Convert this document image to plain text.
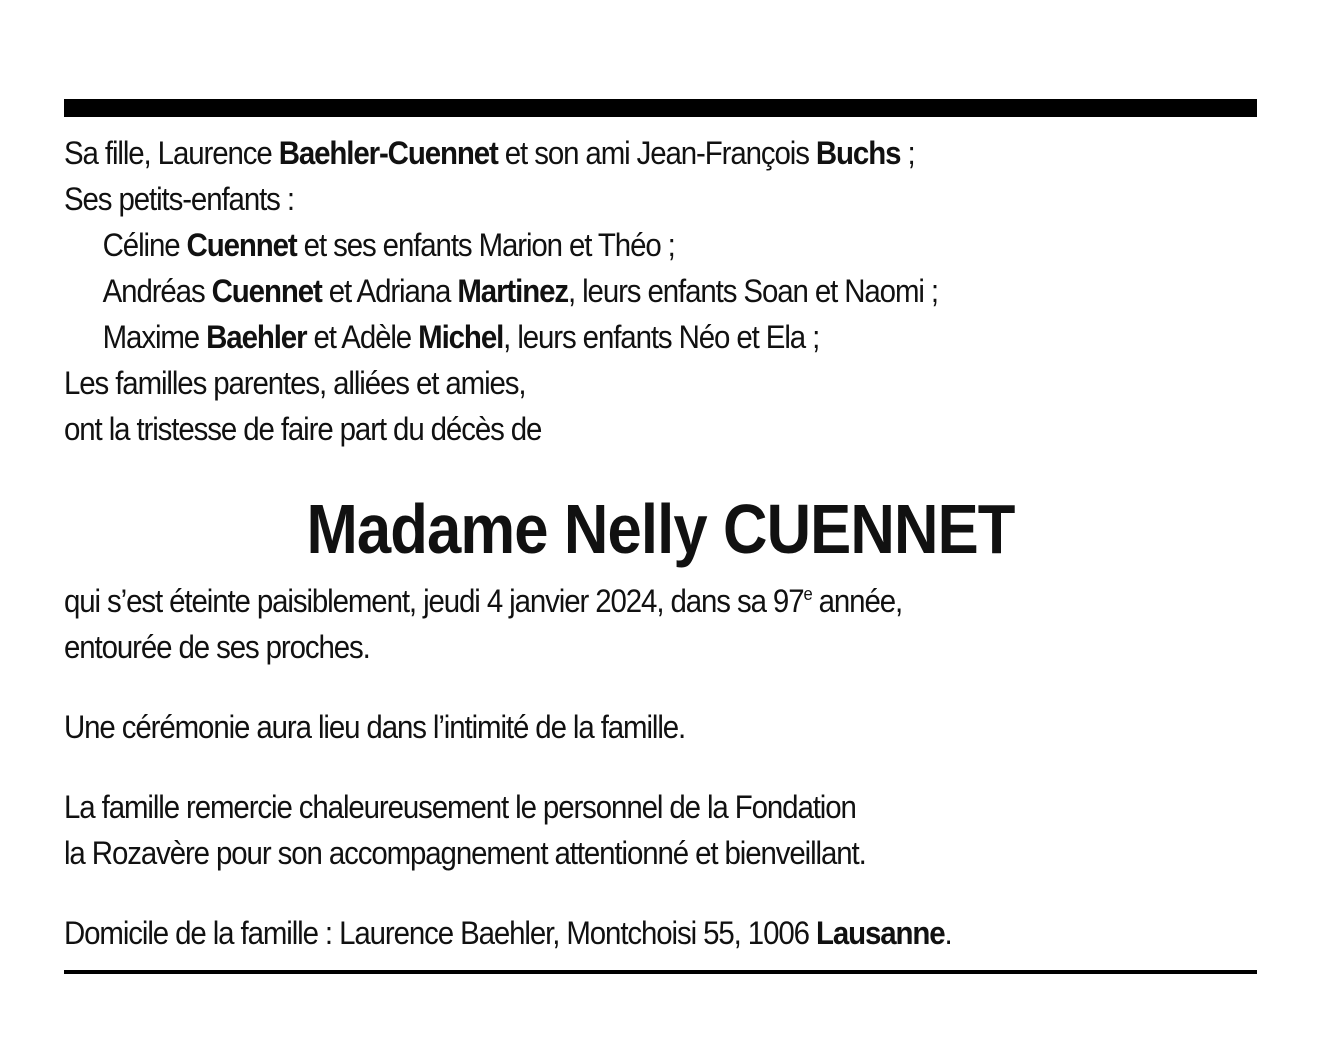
Sa fille, Laurence Baehler-Cuennet et son ami Jean-François Buchs ;
Ses petits-enfants :
Céline Cuennet et ses enfants Marion et Théo ;
Andréas Cuennet et Adriana Martinez, leurs enfants Soan et Naomi ;
Maxime Baehler et Adèle Michel, leurs enfants Néo et Ela ;
Les familles parentes, alliées et amies,
ont la tristesse de faire part du décès de
Madame Nelly CUENNET
qui s’est éteinte paisiblement, jeudi 4 janvier 2024, dans sa 97e année,
entourée de ses proches.
Une cérémonie aura lieu dans l’intimité de la famille.
La famille remercie chaleureusement le personnel de la Fondation
la Rozavère pour son accompagnement attentionné et bienveillant.
Domicile de la famille : Laurence Baehler, Montchoisi 55, 1006 Lausanne.
